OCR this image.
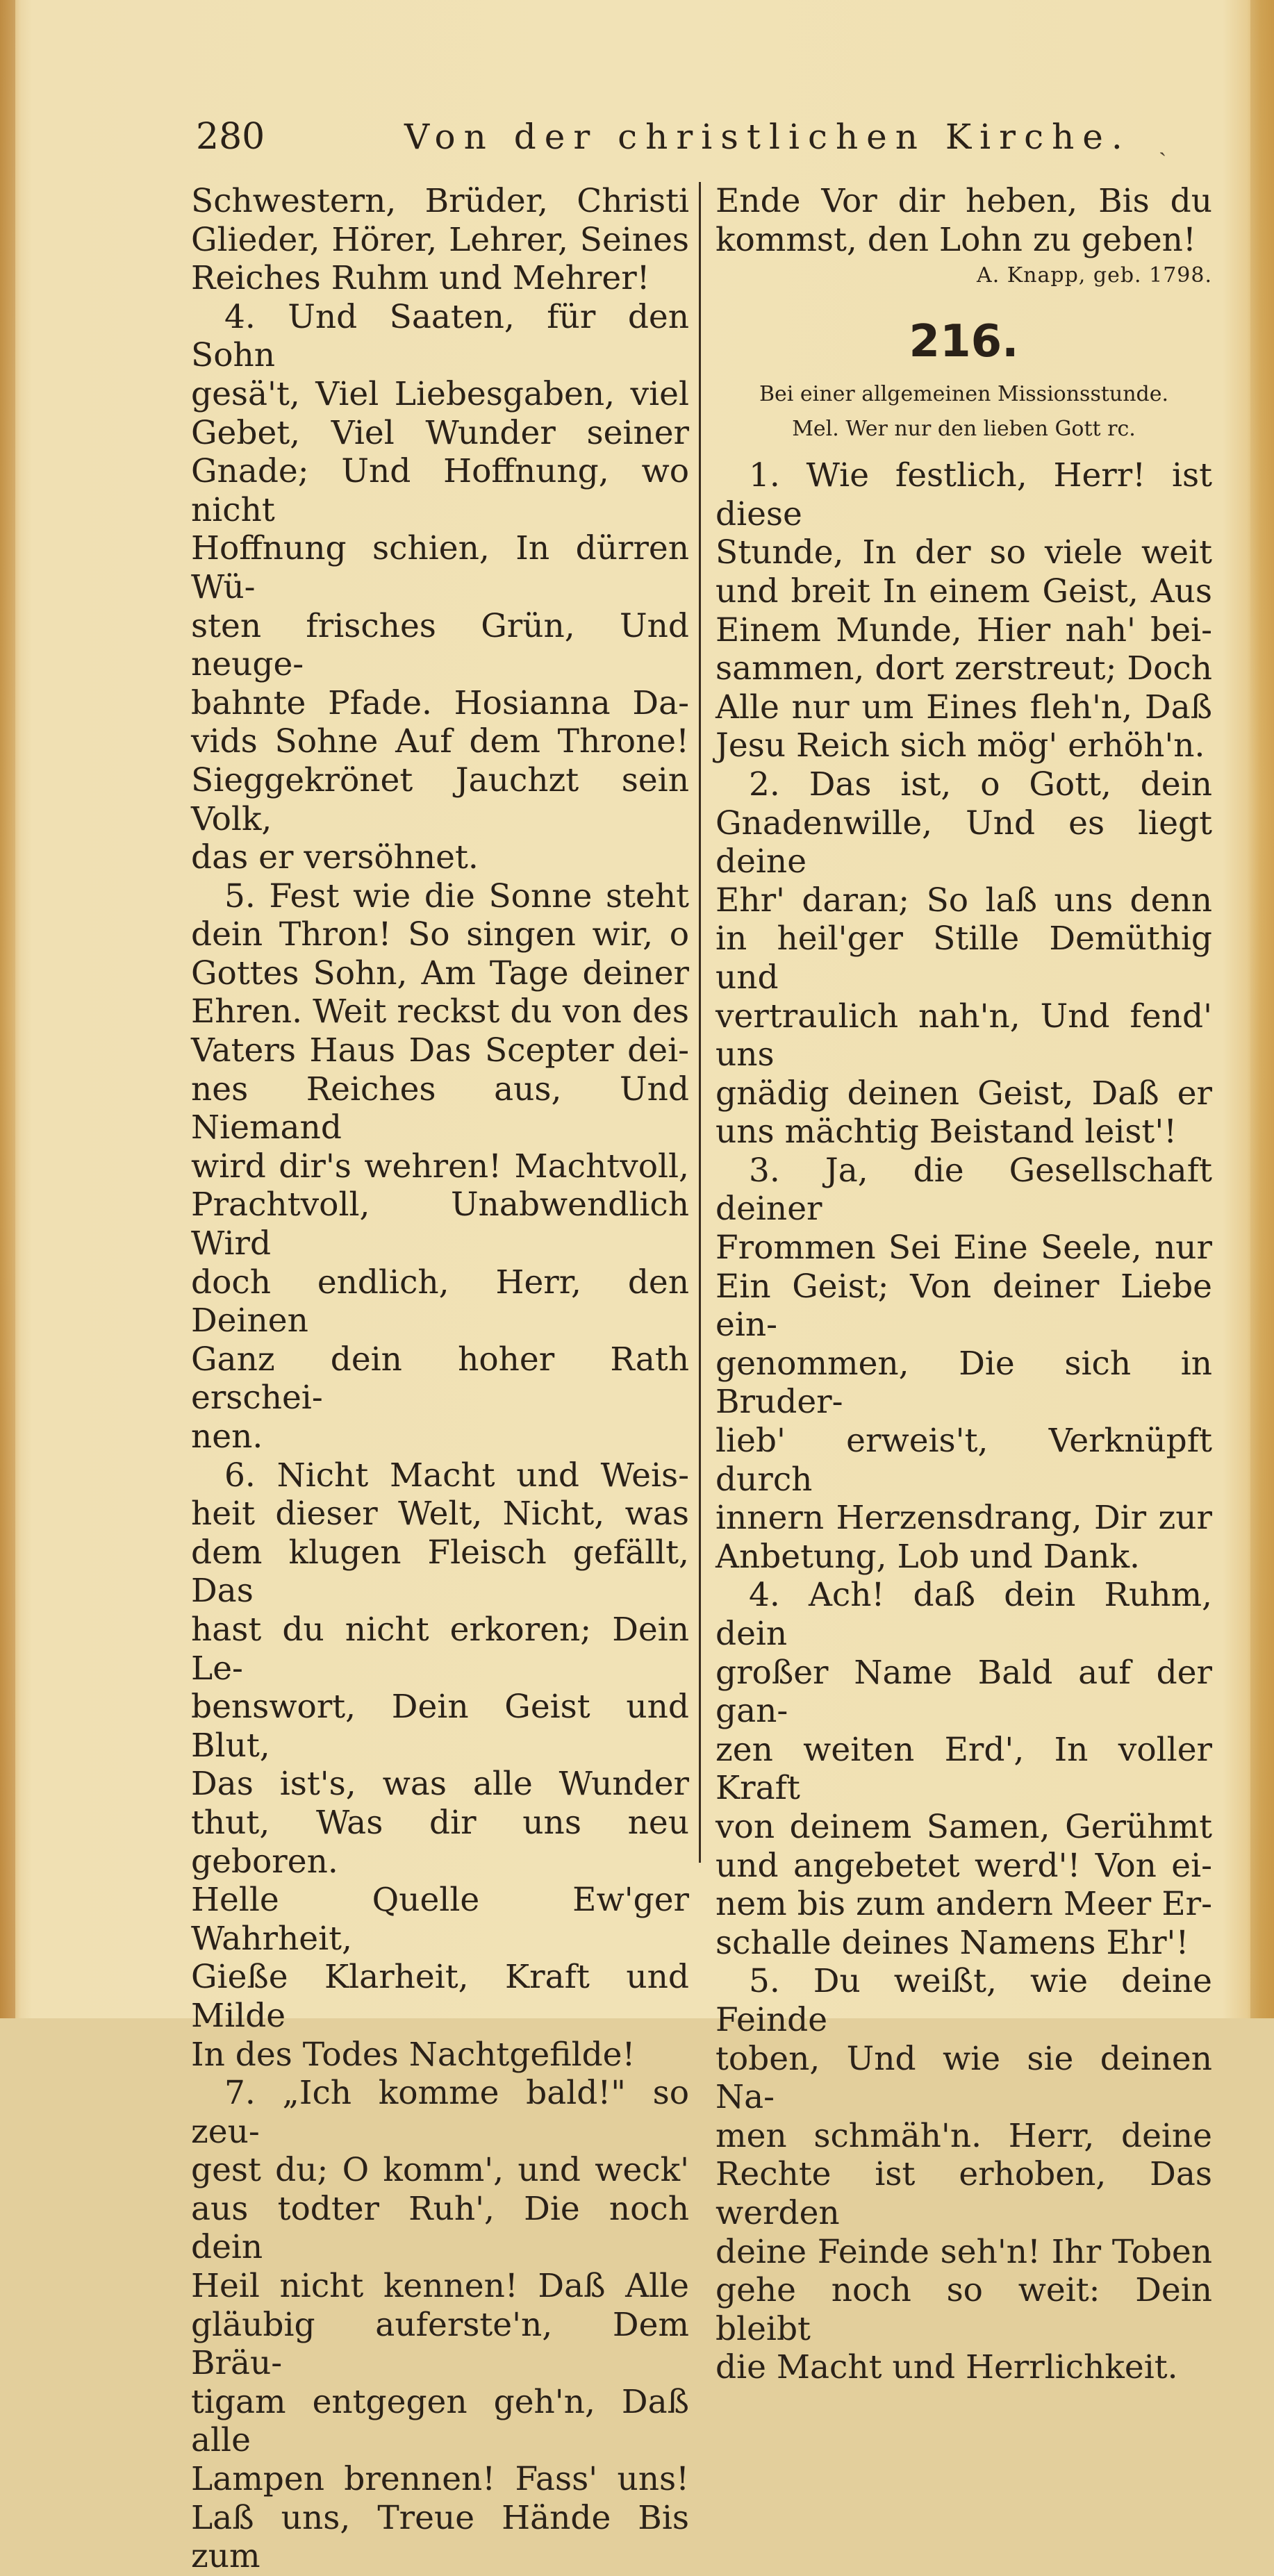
280	Von der christlichen Kirche. ˎ

Schwestern, Brüder, Christi

Glieder, Hörer, Lehrer, Seines

Reiches Ruhm und Mehrer!

4. Und Saaten, für den Sohn

gesä't, Viel Liebesgaben, viel

Gebet, Viel Wunder seiner

Gnade; Und Hoffnung, wo nicht

Hoffnung schien, In dürren Wü-

sten frisches Grün, Und neuge-

bahnte Pfade. Hosianna Da-

vids Sohne Auf dem Throne!

Sieggekrönet Jauchzt sein Volk,

das er versöhnet.

5. Fest wie die Sonne steht

dein Thron! So singen wir, o

Gottes Sohn, Am Tage deiner

Ehren. Weit reckst du von des

Vaters Haus Das Scepter dei-

nes Reiches aus, Und Niemand

wird dir's wehren! Machtvoll,

Prachtvoll, Unabwendlich Wird

doch endlich, Herr, den Deinen

Ganz dein hoher Rath erschei-

nen.

6. Nicht Macht und Weis-

heit dieser Welt, Nicht, was

dem klugen Fleisch gefällt, Das

hast du nicht erkoren; Dein Le-

benswort, Dein Geist und Blut,

Das ist's, was alle Wunder

thut, Was dir uns neu geboren.

Helle Quelle Ew'ger Wahrheit,

Gieße Klarheit, Kraft und Milde

In des Todes Nachtgefilde!

7. „Ich komme bald!" so zeu-

gest du; O komm', und weck'

aus todter Ruh', Die noch dein

Heil nicht kennen! Daß Alle

gläubig auferste'n, Dem Bräu-

tigam entgegen geh'n, Daß alle

Lampen brennen! Fass' uns!

Laß uns, Treue Hände Bis zum

Ende Vor dir heben, Bis du

kommst, den Lohn zu geben!

A. Knapp, geb. 1798.

216.

Bei einer allgemeinen Missionsstunde.

Mel. Wer nur den lieben Gott rc.

1. Wie festlich, Herr! ist diese

Stunde, In der so viele weit

und breit In einem Geist, Aus

Einem Munde, Hier nah' bei-

sammen, dort zerstreut; Doch

Alle nur um Eines fleh'n, Daß

Jesu Reich sich mög' erhöh'n.

2. Das ist, o Gott, dein

Gnadenwille, Und es liegt deine

Ehr' daran; So laß uns denn

in heil'ger Stille Demüthig und

vertraulich nah'n, Und fend' uns

gnädig deinen Geist, Daß er

uns mächtig Beistand leist'!

3. Ja, die Gesellschaft deiner

Frommen Sei Eine Seele, nur

Ein Geist; Von deiner Liebe ein-

genommen, Die sich in Bruder-

lieb' erweis't, Verknüpft durch

innern Herzensdrang, Dir zur

Anbetung, Lob und Dank.

4. Ach! daß dein Ruhm, dein

großer Name Bald auf der gan-

zen weiten Erd', In voller Kraft

von deinem Samen, Gerühmt

und angebetet werd'! Von ei-

nem bis zum andern Meer Er-

schalle deines Namens Ehr'!

5. Du weißt, wie deine Feinde

toben, Und wie sie deinen Na-

men schmäh'n. Herr, deine

Rechte ist erhoben, Das werden

deine Feinde seh'n! Ihr Toben

gehe noch so weit: Dein bleibt

die Macht und Herrlichkeit.
